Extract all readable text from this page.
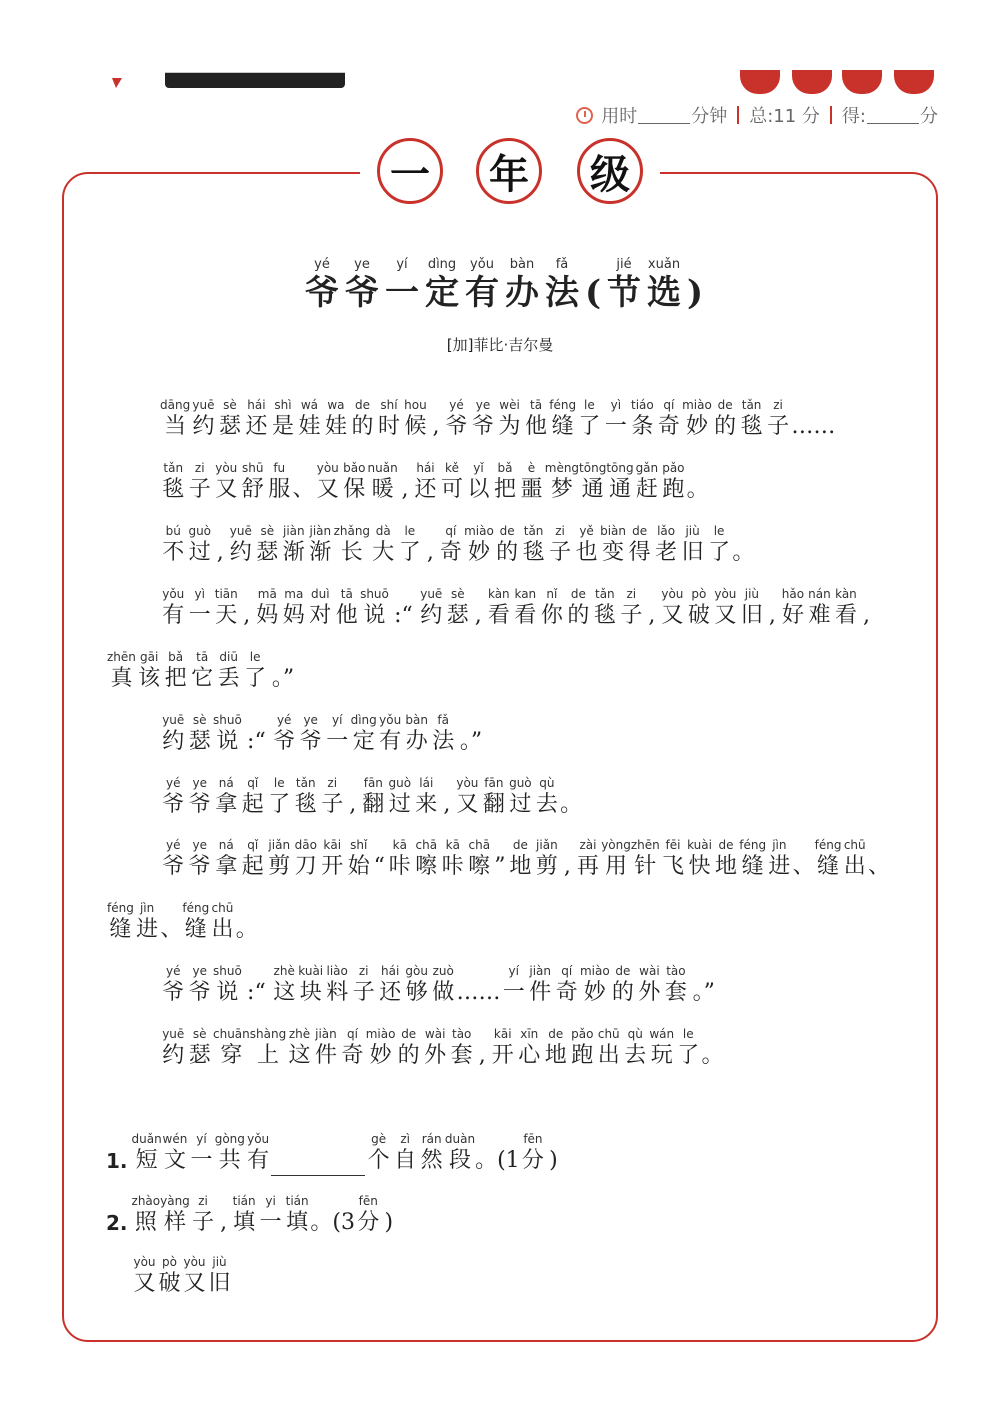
用时	分钟 总:11 分 得:	分
一 年 级
yé
爷
ye
爷
yí
一
dìng
定
yǒu
有
bàn
办
fǎ
法 (
jié
节
xuǎn
选 )
[加]菲比·吉尔曼
dāng
当
yuē
约
sè
瑟
hái
还
shì
是
wá
娃
wa
娃
de
的
shí
时
hou
候 ,
yé
爷
ye
爷
wèi
为
tā
他
féng
缝
le
了
yì
一
tiáo
条
qí
奇
miào
妙
de
的
tǎn
毯
zi
子 ……
tǎn
毯
zi
子
yòu
又
shū
舒
fu
服 、
yòu
又
bǎo
保
nuǎn
暖 ,
hái
还
kě
可
yǐ
以
bǎ
把
è
噩
mèng
梦
tōng
通
tōng
通
gǎn
赶
pǎo
跑 。
bú
不
guò
过 ,
yuē
约
sè
瑟
jiàn
渐
jiàn
渐
zhǎng
长
dà
大
le
了 ,
qí
奇
miào
妙
de
的
tǎn
毯
zi
子
yě
也
biàn
变
de
得
lǎo
老
jiù
旧
le
了 。
yǒu
有
yì
一
tiān
天 ,
mā
妈
ma
妈
duì
对
tā
他
shuō
说 :“
yuē
约
sè
瑟 ,
kàn
看
kan
看
nǐ
你
de
的
tǎn
毯
zi
子 ,
yòu
又
pò
破
yòu
又
jiù
旧 ,
hǎo
好
nán
难
kàn
看 ,
zhēn
真
gāi
该
bǎ
把
tā
它
diū
丢
le
了 。”
yuē
约
sè
瑟
shuō
说 :“
yé
爷
ye
爷
yí
一
dìng
定
yǒu
有
bàn
办
fǎ
法 。”
yé
爷
ye
爷
ná
拿
qǐ
起
le
了
tǎn
毯
zi
子 ,
fān
翻
guò
过
lái
来 ,
yòu
又
fān
翻
guò
过
qù
去 。
yé
爷
ye
爷
ná
拿
qǐ
起
jiǎn
剪
dāo
刀
kāi
开
shǐ
始 “
kā
咔
chā
嚓
kā
咔
chā
嚓 ”
de
地
jiǎn
剪 ,
zài
再
yòng
用
zhēn
针
fēi
飞
kuài
快
de
地
féng
缝
jìn
进 、
féng
缝
chū
出 、
féng
缝
jìn
进 、
féng
缝
chū
出 。
yé
爷
ye
爷
shuō
说 :“
zhè
这
kuài
块
liào
料
zi
子
hái
还
gòu
够
zuò
做 ……
yí
一
jiàn
件
qí
奇
miào
妙
de
的
wài
外
tào
套 。”
yuē
约
sè
瑟
chuān
穿
shàng
上
zhè
这
jiàn
件
qí
奇
miào
妙
de
的
wài
外
tào
套 ,
kāi
开
xīn
心
de
地
pǎo
跑
chū
出
qù
去
wán
玩
le
了 。
1.
duǎn
短
wén
文
yí
一
gòng
共
yǒu
有
gè
个
zì
自
rán
然
duàn
段 。(1
fēn
分 )
2.
zhào
照
yàng
样
zi
子 ,
tián
填
yi
一
tián
填 。(3
fēn
分 )
yòu
又
pò
破
yòu
又
jiù
旧
